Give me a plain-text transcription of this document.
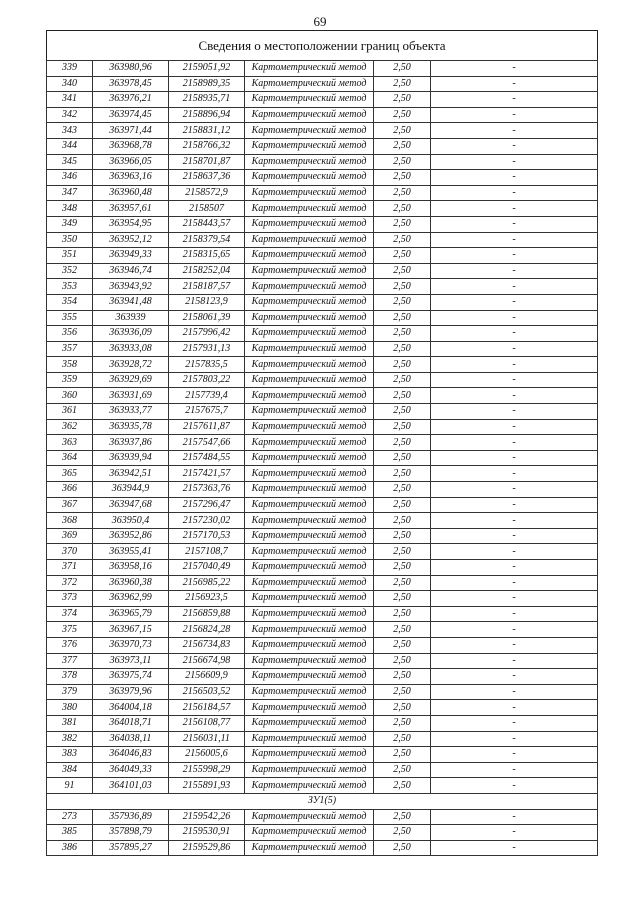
69
Сведения о местоположении границ объекта
339	363980,96	2159051,92	Картометрический метод	2,50	-
340	363978,45	2158989,35	Картометрический метод	2,50	-
341	363976,21	2158935,71	Картометрический метод	2,50	-
342	363974,45	2158896,94	Картометрический метод	2,50	-
343	363971,44	2158831,12	Картометрический метод	2,50	-
344	363968,78	2158766,32	Картометрический метод	2,50	-
345	363966,05	2158701,87	Картометрический метод	2,50	-
346	363963,16	2158637,36	Картометрический метод	2,50	-
347	363960,48	2158572,9	Картометрический метод	2,50	-
348	363957,61	2158507	Картометрический метод	2,50	-
349	363954,95	2158443,57	Картометрический метод	2,50	-
350	363952,12	2158379,54	Картометрический метод	2,50	-
351	363949,33	2158315,65	Картометрический метод	2,50	-
352	363946,74	2158252,04	Картометрический метод	2,50	-
353	363943,92	2158187,57	Картометрический метод	2,50	-
354	363941,48	2158123,9	Картометрический метод	2,50	-
355	363939	2158061,39	Картометрический метод	2,50	-
356	363936,09	2157996,42	Картометрический метод	2,50	-
357	363933,08	2157931,13	Картометрический метод	2,50	-
358	363928,72	2157835,5	Картометрический метод	2,50	-
359	363929,69	2157803,22	Картометрический метод	2,50	-
360	363931,69	2157739,4	Картометрический метод	2,50	-
361	363933,77	2157675,7	Картометрический метод	2,50	-
362	363935,78	2157611,87	Картометрический метод	2,50	-
363	363937,86	2157547,66	Картометрический метод	2,50	-
364	363939,94	2157484,55	Картометрический метод	2,50	-
365	363942,51	2157421,57	Картометрический метод	2,50	-
366	363944,9	2157363,76	Картометрический метод	2,50	-
367	363947,68	2157296,47	Картометрический метод	2,50	-
368	363950,4	2157230,02	Картометрический метод	2,50	-
369	363952,86	2157170,53	Картометрический метод	2,50	-
370	363955,41	2157108,7	Картометрический метод	2,50	-
371	363958,16	2157040,49	Картометрический метод	2,50	-
372	363960,38	2156985,22	Картометрический метод	2,50	-
373	363962,99	2156923,5	Картометрический метод	2,50	-
374	363965,79	2156859,88	Картометрический метод	2,50	-
375	363967,15	2156824,28	Картометрический метод	2,50	-
376	363970,73	2156734,83	Картометрический метод	2,50	-
377	363973,11	2156674,98	Картометрический метод	2,50	-
378	363975,74	2156609,9	Картометрический метод	2,50	-
379	363979,96	2156503,52	Картометрический метод	2,50	-
380	364004,18	2156184,57	Картометрический метод	2,50	-
381	364018,71	2156108,77	Картометрический метод	2,50	-
382	364038,11	2156031,11	Картометрический метод	2,50	-
383	364046,83	2156005,6	Картометрический метод	2,50	-
384	364049,33	2155998,29	Картометрический метод	2,50	-
91	364101,03	2155891,93	Картометрический метод	2,50	-
ЗУ1(5)					
273	357936,89	2159542,26	Картометрический метод	2,50	-
385	357898,79	2159530,91	Картометрический метод	2,50	-
386	357895,27	2159529,86	Картометрический метод	2,50	-
